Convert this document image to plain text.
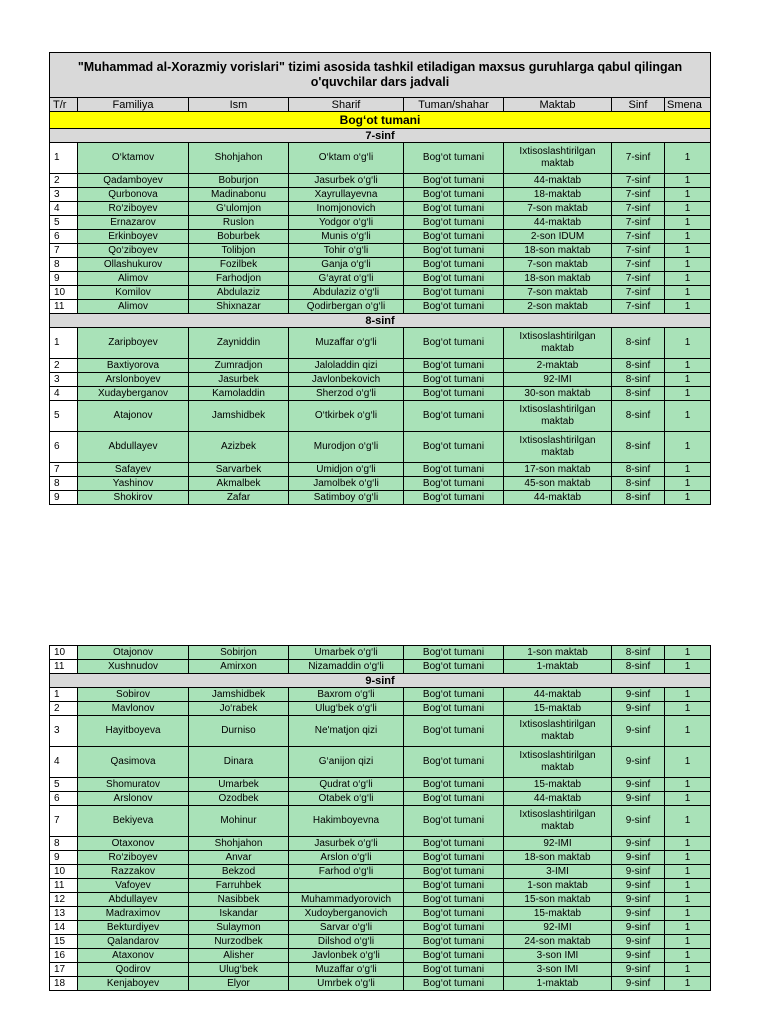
"Muhammad al-Xorazmiy vorislari" tizimi asosida tashkil etiladigan maxsus guruhlarga qabul qilingan o'quvchilar dars jadvali							
T/r	Familiya	Ism	Sharif	Tuman/shahar	Maktab	Sinf	Smena
Bog‘ot tumani							
7-sinf							
1	O‘ktamov	Shohjahon	O‘ktam o‘g‘li	Bog‘ot tumani	Ixtisoslashtirilgan maktab	7-sinf	1
2	Qadamboyev	Boburjon	Jasurbek o‘g‘li	Bog‘ot tumani	44-maktab	7-sinf	1
3	Qurbonova	Madinabonu	Xayrullayevna	Bog‘ot tumani	18-maktab	7-sinf	1
4	Ro‘ziboyev	G‘ulomjon	Inomjonovich	Bog‘ot tumani	7-son maktab	7-sinf	1
5	Ernazarov	Ruslon	Yodgor o‘g‘li	Bog‘ot tumani	44-maktab	7-sinf	1
6	Erkinboyev	Boburbek	Munis o‘g‘li	Bog‘ot tumani	2-son IDUM	7-sinf	1
7	Qo‘ziboyev	Tolibjon	Tohir o‘g‘li	Bog‘ot tumani	18-son maktab	7-sinf	1
8	Ollashukurov	Fozilbek	Ganja o‘g‘li	Bog‘ot tumani	7-son maktab	7-sinf	1
9	Alimov	Farhodjon	G‘ayrat o‘g‘li	Bog‘ot tumani	18-son maktab	7-sinf	1
10	Komilov	Abdulaziz	Abdulaziz o‘g‘li	Bog‘ot tumani	7-son maktab	7-sinf	1
11	Alimov	Shixnazar	Qodirbergan o‘g‘li	Bog‘ot tumani	2-son maktab	7-sinf	1
8-sinf							
1	Zaripboyev	Zayniddin	Muzaffar o‘g‘li	Bog‘ot tumani	Ixtisoslashtirilgan maktab	8-sinf	1
2	Baxtiyorova	Zumradjon	Jaloladdin qizi	Bog‘ot tumani	2-maktab	8-sinf	1
3	Arslonboyev	Jasurbek	Javlonbekovich	Bog‘ot tumani	92-IMI	8-sinf	1
4	Xudayberganov	Kamoladdin	Sherzod o‘g‘li	Bog‘ot tumani	30-son maktab	8-sinf	1
5	Atajonov	Jamshidbek	O‘tkirbek o‘g‘li	Bog‘ot tumani	Ixtisoslashtirilgan maktab	8-sinf	1
6	Abdullayev	Azizbek	Murodjon o‘g‘li	Bog‘ot tumani	Ixtisoslashtirilgan maktab	8-sinf	1
7	Safayev	Sarvarbek	Umidjon o‘g‘li	Bog‘ot tumani	17-son maktab	8-sinf	1
8	Yashinov	Akmalbek	Jamolbek o‘g‘li	Bog‘ot tumani	45-son maktab	8-sinf	1
9	Shokirov	Zafar	Satimboy o‘g‘li	Bog‘ot tumani	44-maktab	8-sinf	1
10	Otajonov	Sobirjon	Umarbek o‘g‘li	Bog‘ot tumani	1-son maktab	8-sinf	1
11	Xushnudov	Amirxon	Nizamaddin o‘g‘li	Bog‘ot tumani	1-maktab	8-sinf	1
9-sinf							
1	Sobirov	Jamshidbek	Baxrom o‘g‘li	Bog‘ot tumani	44-maktab	9-sinf	1
2	Mavlonov	Jo‘rabek	Ulug‘bek o‘g‘li	Bog‘ot tumani	15-maktab	9-sinf	1
3	Hayitboyeva	Durniso	Ne'matjon qizi	Bog‘ot tumani	Ixtisoslashtirilgan maktab	9-sinf	1
4	Qasimova	Dinara	G‘anijon qizi	Bog‘ot tumani	Ixtisoslashtirilgan maktab	9-sinf	1
5	Shomuratov	Umarbek	Qudrat o‘g‘li	Bog‘ot tumani	15-maktab	9-sinf	1
6	Arslonov	Ozodbek	Otabek o‘g‘li	Bog‘ot tumani	44-maktab	9-sinf	1
7	Bekiyeva	Mohinur	Hakimboyevna	Bog‘ot tumani	Ixtisoslashtirilgan maktab	9-sinf	1
8	Otaxonov	Shohjahon	Jasurbek o‘g‘li	Bog‘ot tumani	92-IMI	9-sinf	1
9	Ro‘ziboyev	Anvar	Arslon o‘g‘li	Bog‘ot tumani	18-son maktab	9-sinf	1
10	Razzakov	Bekzod	Farhod o‘g‘li	Bog‘ot tumani	3-IMI	9-sinf	1
11	Vafoyev	Farruhbek		Bog‘ot tumani	1-son maktab	9-sinf	1
12	Abdullayev	Nasibbek	Muhammadyorovich	Bog‘ot tumani	15-son maktab	9-sinf	1
13	Madraximov	Iskandar	Xudoyberganovich	Bog‘ot tumani	15-maktab	9-sinf	1
14	Bekturdiyev	Sulaymon	Sarvar o‘g‘li	Bog‘ot tumani	92-IMI	9-sinf	1
15	Qalandarov	Nurzodbek	Dilshod o‘g‘li	Bog‘ot tumani	24-son maktab	9-sinf	1
16	Ataxonov	Alisher	Javlonbek o‘g‘li	Bog‘ot tumani	3-son IMI	9-sinf	1
17	Qodirov	Ulug‘bek	Muzaffar o‘g‘li	Bog‘ot tumani	3-son IMI	9-sinf	1
18	Kenjaboyev	Elyor	Umrbek o‘g‘li	Bog‘ot tumani	1-maktab	9-sinf	1
